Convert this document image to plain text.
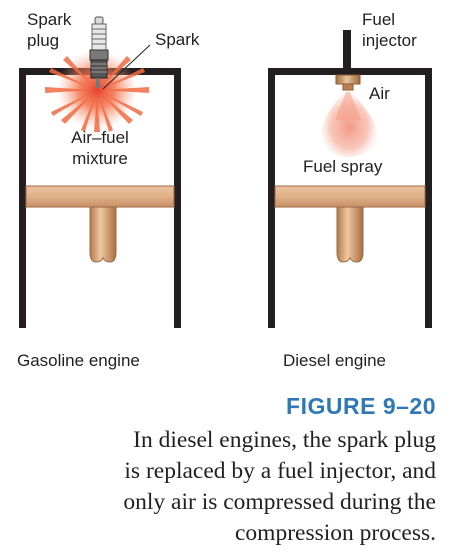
Spark
plug	Spark
Air–fuel
mixture
Gasoline engine
Fuel
injector
Air
Fuel spray
Diesel engine
FIGURE 9–20
In diesel engines, the spark plug
is replaced by a fuel injector, and
only air is compressed during the
compression process.
